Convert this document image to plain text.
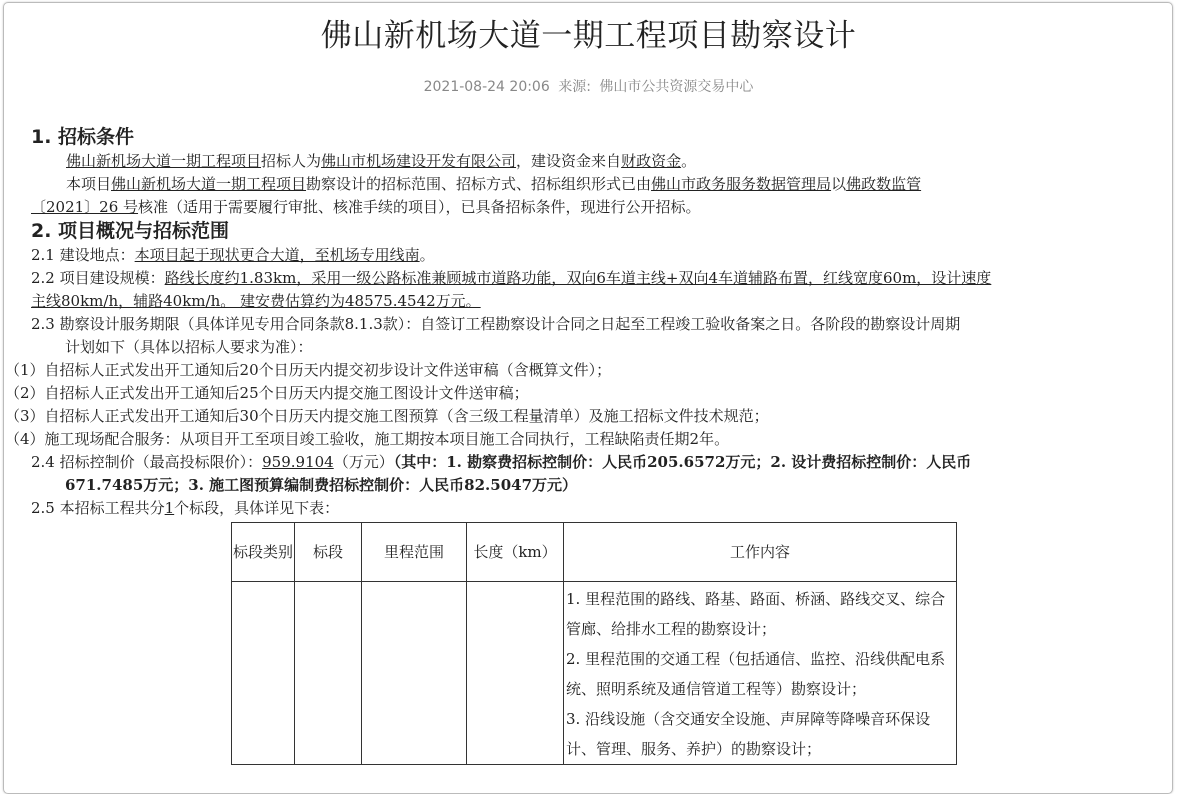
佛山新机场大道一期工程项目勘察设计
2021-08-24 20:06 来源: 佛山市公共资源交易中心
1. 招标条件
佛山新机场大道一期工程项目招标人为佛山市机场建设开发有限公司，建设资金来自财政资金。
本项目佛山新机场大道一期工程项目勘察设计的招标范围、招标方式、招标组织形式已由佛山市政务服务数据管理局以佛政数监管
〔2021〕26 号核准（适用于需要履行审批、核准手续的项目），已具备招标条件，现进行公开招标。
2. 项目概况与招标范围
2.1 建设地点：本项目起于现状更合大道，至机场专用线南。
2.2 项目建设规模：路线长度约1.83km，采用一级公路标准兼顾城市道路功能，双向6车道主线+双向4车道辅路布置，红线宽度60m，设计速度
主线80km/h，辅路40km/h。 建安费估算约为48575.4542万元。
2.3 勘察设计服务期限（具体详见专用合同条款8.1.3款）：自签订工程勘察设计合同之日起至工程竣工验收备案之日。各阶段的勘察设计周期
计划如下（具体以招标人要求为准）：
（1）自招标人正式发出开工通知后20个日历天内提交初步设计文件送审稿（含概算文件）；
（2）自招标人正式发出开工通知后25个日历天内提交施工图设计文件送审稿；
（3）自招标人正式发出开工通知后30个日历天内提交施工图预算（含三级工程量清单）及施工招标文件技术规范；
（4）施工现场配合服务：从项目开工至项目竣工验收，施工期按本项目施工合同执行，工程缺陷责任期2年。
2.4 招标控制价（最高投标限价）：959.9104（万元）（其中：1. 勘察费招标控制价：人民币205.6572万元；2. 设计费招标控制价：人民币
671.7485万元；3. 施工图预算编制费招标控制价：人民币82.5047万元）
2.5 本招标工程共分1个标段，具体详见下表：
标段类别	标段	里程范围	长度（km）	工作内容

				1. 里程范围的路线、路基、路面、桥涵、路线交叉、综合管廊、给排水工程的勘察设计；
2. 里程范围的交通工程（包括通信、监控、沿线供配电系统、照明系统及通信管道工程等）勘察设计；
3. 沿线设施（含交通安全设施、声屏障等降噪音环保设计、管理、服务、养护）的勘察设计；
